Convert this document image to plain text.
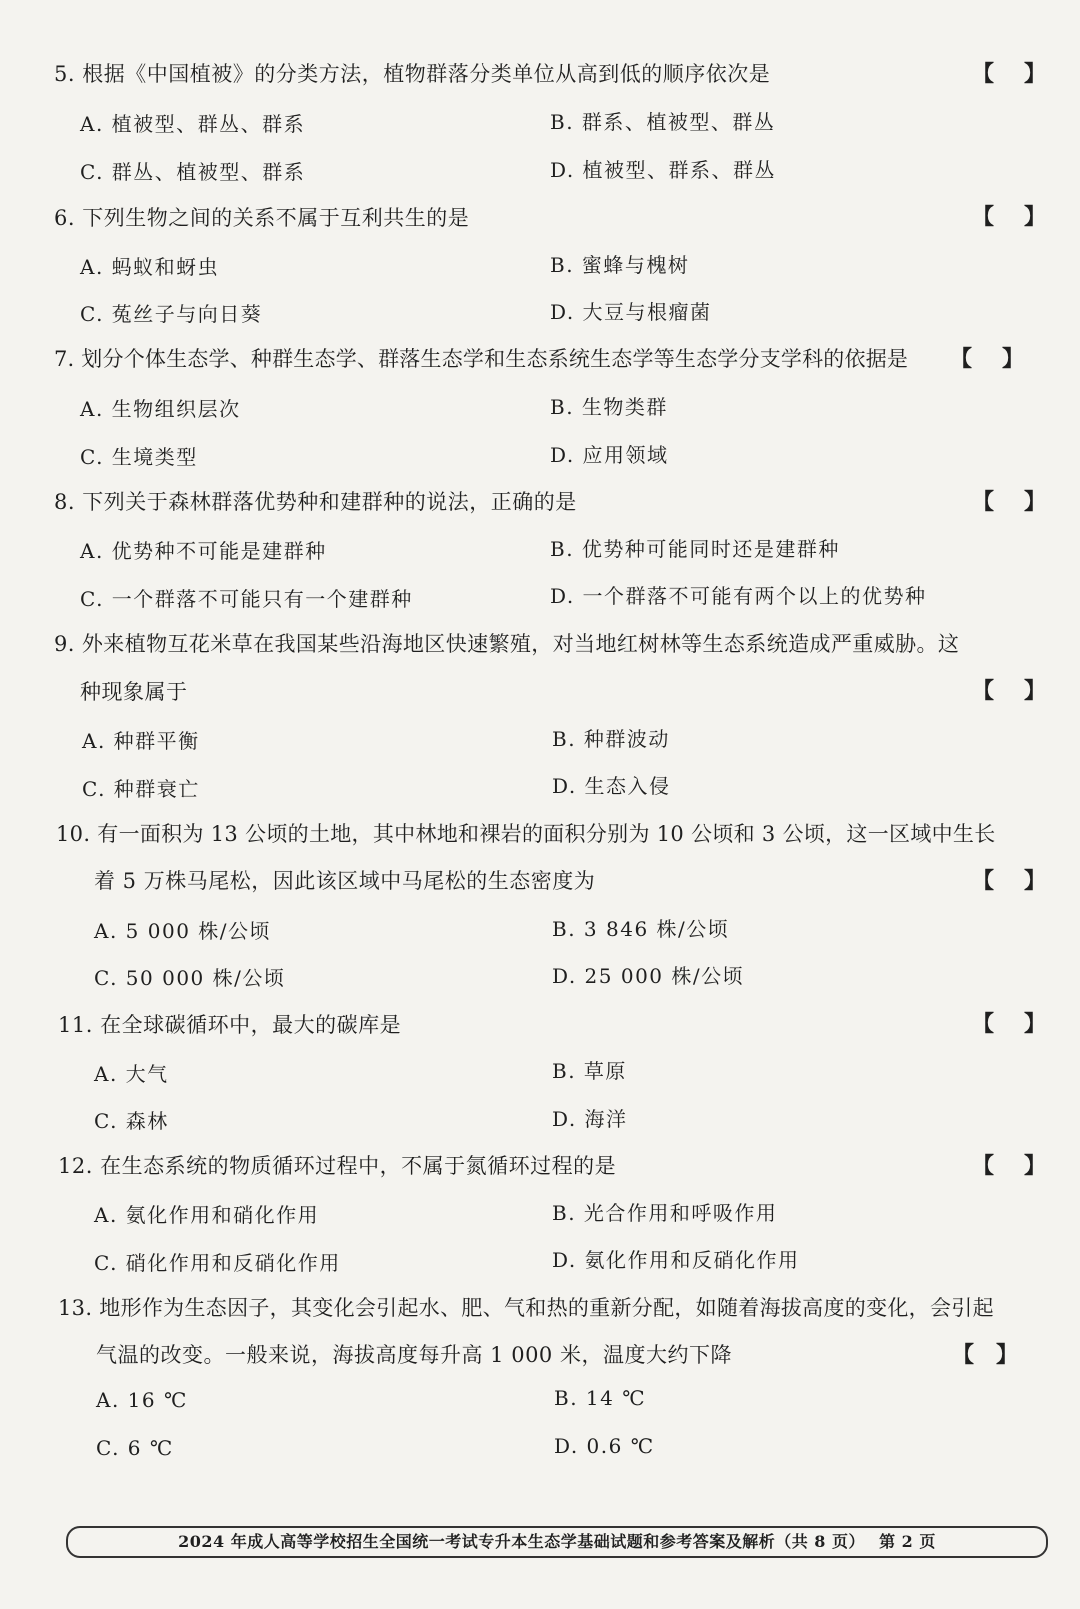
5. 根据《中国植被》的分类方法，植物群落分类单位从高到低的顺序依次是	【 】
A. 植被型、群丛、群系	B. 群系、植被型、群丛
C. 群丛、植被型、群系	D. 植被型、群系、群丛
6. 下列生物之间的关系不属于互利共生的是	【 】
A. 蚂蚁和蚜虫	B. 蜜蜂与槐树
C. 菟丝子与向日葵	D. 大豆与根瘤菌
7. 划分个体生态学、种群生态学、群落生态学和生态系统生态学等生态学分支学科的依据是 【 】
A. 生物组织层次	B. 生物类群
C. 生境类型	D. 应用领域
8. 下列关于森林群落优势种和建群种的说法，正确的是	【 】
A. 优势种不可能是建群种	B. 优势种可能同时还是建群种
C. 一个群落不可能只有一个建群种	D. 一个群落不可能有两个以上的优势种
9. 外来植物互花米草在我国某些沿海地区快速繁殖，对当地红树林等生态系统造成严重威胁。这
种现象属于	【 】
A. 种群平衡	B. 种群波动
C. 种群衰亡	D. 生态入侵
10. 有一面积为 13 公顷的土地，其中林地和裸岩的面积分别为 10 公顷和 3 公顷，这一区域中生长
着 5 万株马尾松，因此该区域中马尾松的生态密度为	【 】
A. 5 000 株/公顷	B. 3 846 株/公顷
C. 50 000 株/公顷	D. 25 000 株/公顷
11. 在全球碳循环中，最大的碳库是	【 】
A. 大气	B. 草原
C. 森林	D. 海洋
12. 在生态系统的物质循环过程中，不属于氮循环过程的是	【 】
A. 氨化作用和硝化作用	B. 光合作用和呼吸作用
C. 硝化作用和反硝化作用	D. 氨化作用和反硝化作用
13. 地形作为生态因子，其变化会引起水、肥、气和热的重新分配，如随着海拔高度的变化，会引起
气温的改变。一般来说，海拔高度每升高 1 000 米，温度大约下降	【 】
A. 16 ℃	B. 14 ℃
C. 6 ℃	D. 0.6 ℃
2024 年成人高等学校招生全国统一考试专升本生态学基础试题和参考答案及解析（共 8 页） 第 2 页
